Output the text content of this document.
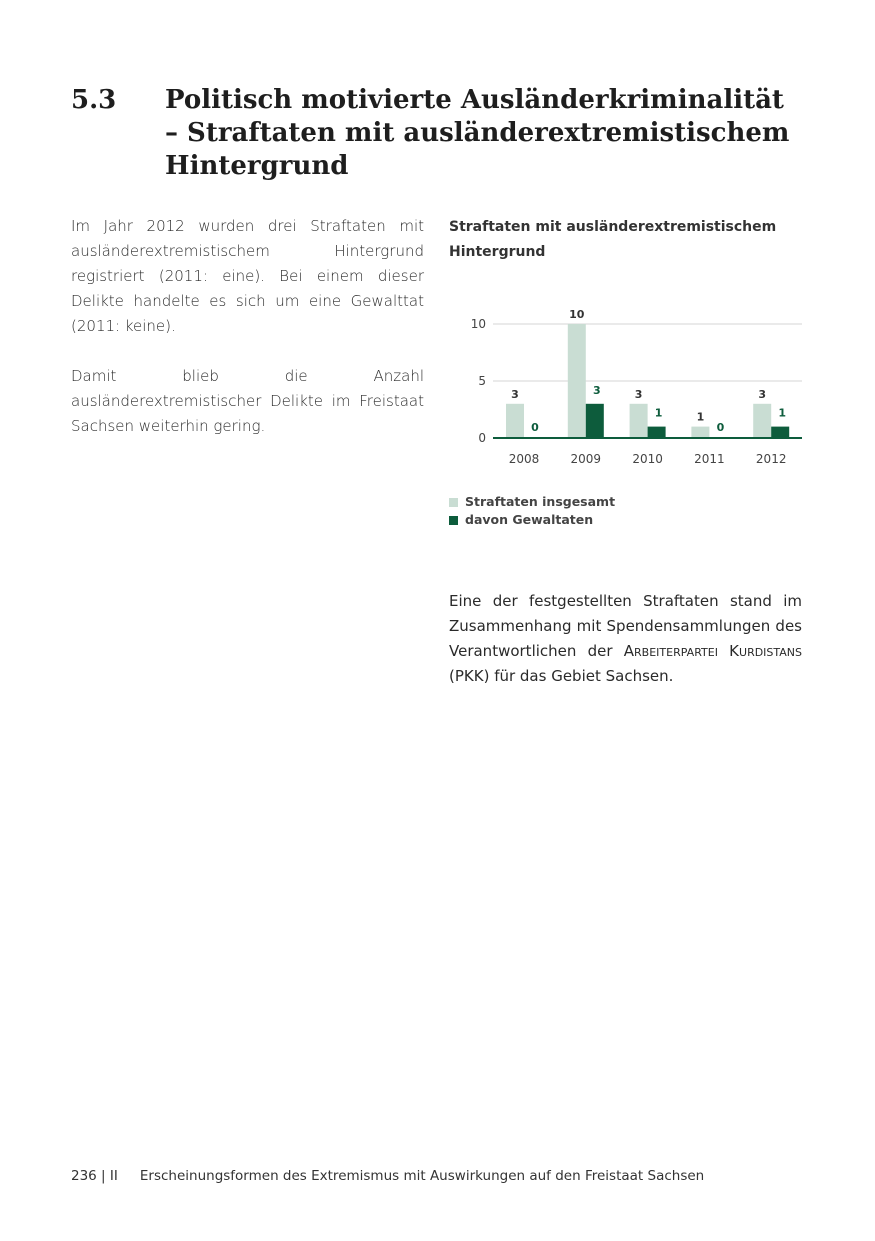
5.3 Politisch motivierte Ausländerkriminalität – Straftaten mit ausländerextremistischem Hintergrund

Im Jahr 2012 wurden drei Straftaten mit ausländerextremistischem Hintergrund registriert (2011: eine). Bei einem dieser Delikte handelte es sich um eine Gewalttat (2011: keine).

Damit blieb die Anzahl ausländerextremistischer Delikte im Freistaat Sachsen weiterhin gering.

Straftaten mit ausländerextremistischem Hintergrund
0
5
10
3
0
2008
10
3
2009
3
1
2010
1
0
2011
3
1
2012
Straftaten insgesamt
davon Gewaltaten

Eine der festgestellten Straftaten stand im Zusammenhang mit Spendensammlungen des Verantwortlichen der Arbeiterpartei Kurdistans (PKK) für das Gebiet Sachsen.

236 | II Erscheinungsformen des Extremismus mit Auswirkungen auf den Freistaat Sachsen
